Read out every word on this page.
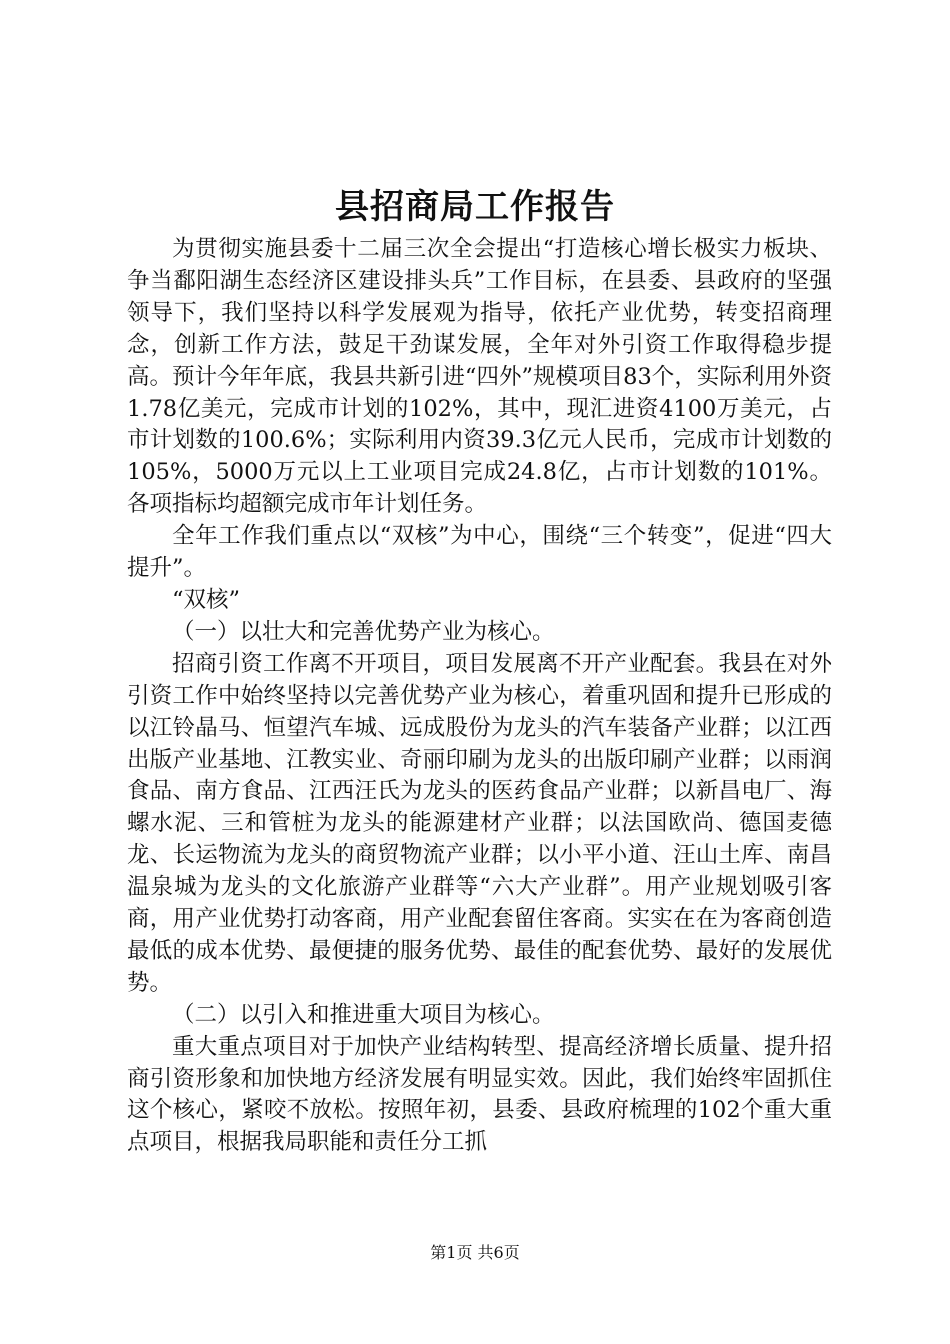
县招商局工作报告

为贯彻实施县委十二届三次全会提出“打造核心增长极实力板块、争当鄱阳湖生态经济区建设排头兵”工作目标，在县委、县政府的坚强领导下，我们坚持以科学发展观为指导，依托产业优势，转变招商理念，创新工作方法，鼓足干劲谋发展，全年对外引资工作取得稳步提高。预计今年年底，我县共新引进“四外”规模项目83个，实际利用外资1.78亿美元，完成市计划的102%，其中，现汇进资4100万美元，占市计划数的100.6%；实际利用内资39.3亿元人民币，完成市计划数的105%，5000万元以上工业项目完成24.8亿，占市计划数的101%。各项指标均超额完成市年计划任务。

全年工作我们重点以“双核”为中心，围绕“三个转变”，促进“四大提升”。

“双核”

（一）以壮大和完善优势产业为核心。

招商引资工作离不开项目，项目发展离不开产业配套。我县在对外引资工作中始终坚持以完善优势产业为核心，着重巩固和提升已形成的以江铃晶马、恒望汽车城、远成股份为龙头的汽车装备产业群；以江西出版产业基地、江教实业、奇丽印刷为龙头的出版印刷产业群；以雨润食品、南方食品、江西汪氏为龙头的医药食品产业群；以新昌电厂、海螺水泥、三和管桩为龙头的能源建材产业群；以法国欧尚、德国麦德龙、长运物流为龙头的商贸物流产业群；以小平小道、汪山土库、南昌温泉城为龙头的文化旅游产业群等“六大产业群”。用产业规划吸引客商，用产业优势打动客商，用产业配套留住客商。实实在在为客商创造最低的成本优势、最便捷的服务优势、最佳的配套优势、最好的发展优势。

（二）以引入和推进重大项目为核心。

重大重点项目对于加快产业结构转型、提高经济增长质量、提升招商引资形象和加快地方经济发展有明显实效。因此，我们始终牢固抓住这个核心，紧咬不放松。按照年初，县委、县政府梳理的102个重大重点项目，根据我局职能和责任分工抓

第1页 共6页
